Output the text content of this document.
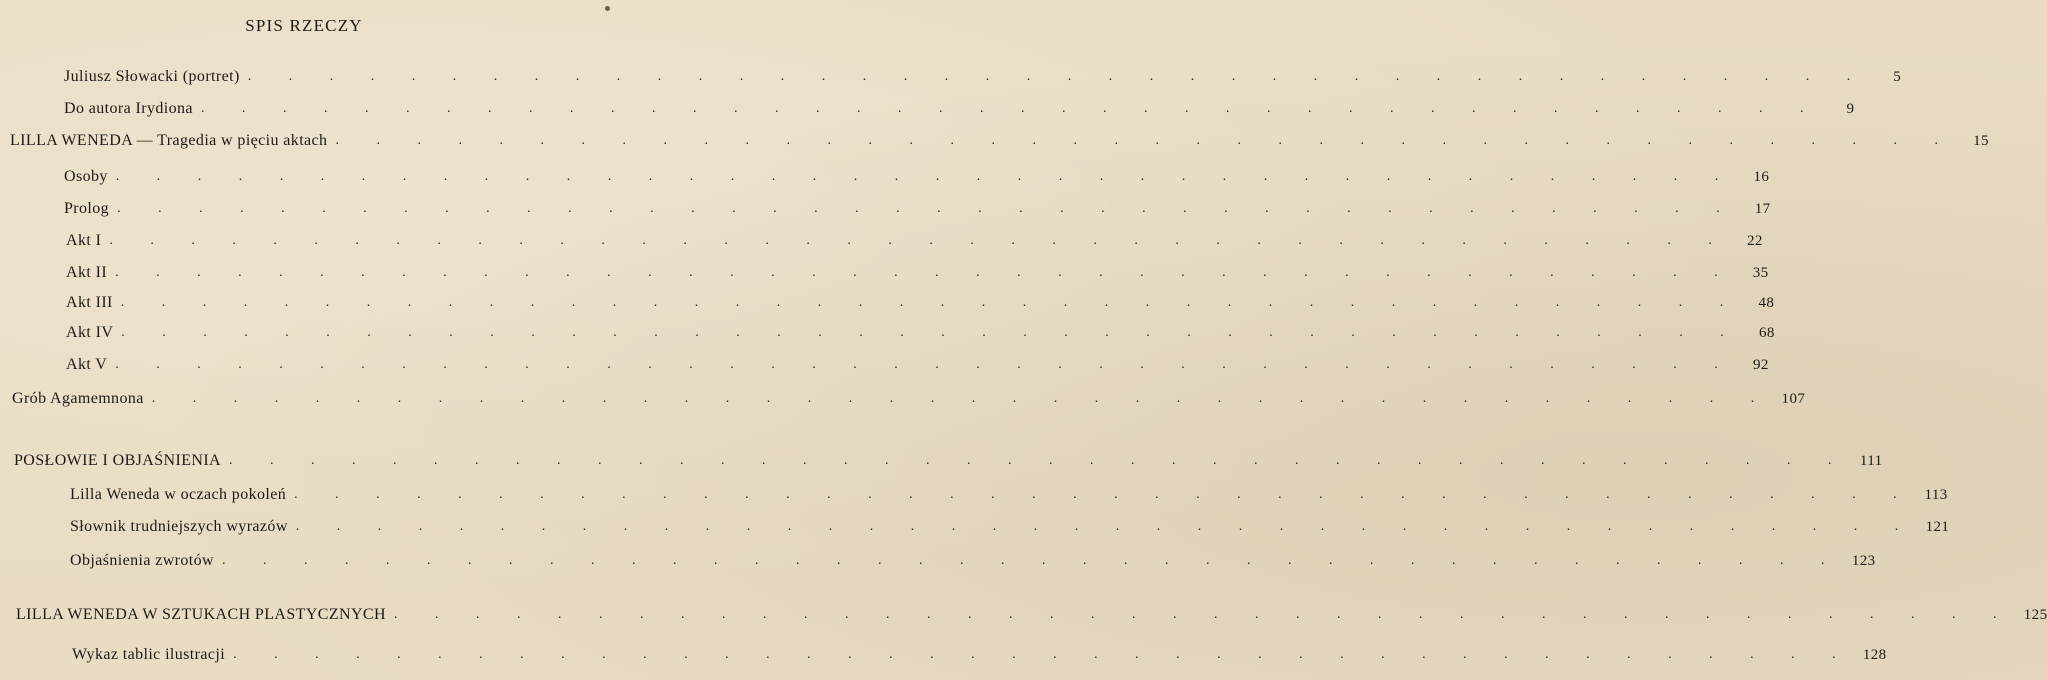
SPIS RZECZY
Juliusz Słowacki (portret) . . . . . . . . . . . . . . . . . . . . . . . . . . . . . . . . . . . . . . . .	5
Do autora Irydiona . . . . . . . . . . . . . . . . . . . . . . . . . . . . . . . . . . . . . . . .	9
LILLA WENEDA — Tragedia w pięciu aktach . . . . . . . . . . . . . . . . . . . . . . . . . . . . . . . . . . . . . . . .	15
Osoby . . . . . . . . . . . . . . . . . . . . . . . . . . . . . . . . . . . . . . . .	16
Prolog . . . . . . . . . . . . . . . . . . . . . . . . . . . . . . . . . . . . . . . .	17
Akt I . . . . . . . . . . . . . . . . . . . . . . . . . . . . . . . . . . . . . . . .	22
Akt II . . . . . . . . . . . . . . . . . . . . . . . . . . . . . . . . . . . . . . . .	35
Akt III . . . . . . . . . . . . . . . . . . . . . . . . . . . . . . . . . . . . . . . .	48
Akt IV . . . . . . . . . . . . . . . . . . . . . . . . . . . . . . . . . . . . . . . .	68
Akt V . . . . . . . . . . . . . . . . . . . . . . . . . . . . . . . . . . . . . . . .	92
Grób Agamemnona . . . . . . . . . . . . . . . . . . . . . . . . . . . . . . . . . . . . . . . . 107
POSŁOWIE I OBJAŚNIENIA . . . . . . . . . . . . . . . . . . . . . . . . . . . . . . . . . . . . . . . . 111
Lilla Weneda w oczach pokoleń . . . . . . . . . . . . . . . . . . . . . . . . . . . . . . . . . . . . . . . . 113
Słownik trudniejszych wyrazów . . . . . . . . . . . . . . . . . . . . . . . . . . . . . . . . . . . . . . . . 121
Objaśnienia zwrotów . . . . . . . . . . . . . . . . . . . . . . . . . . . . . . . . . . . . . . . . 123
LILLA WENEDA W SZTUKACH PLASTYCZNYCH . . . . . . . . . . . . . . . . . . . . . . . . . . . . . . . . . . . . . . . . 125
Wykaz tablic ilustracji . . . . . . . . . . . . . . . . . . . . . . . . . . . . . . . . . . . . . . . . 128
